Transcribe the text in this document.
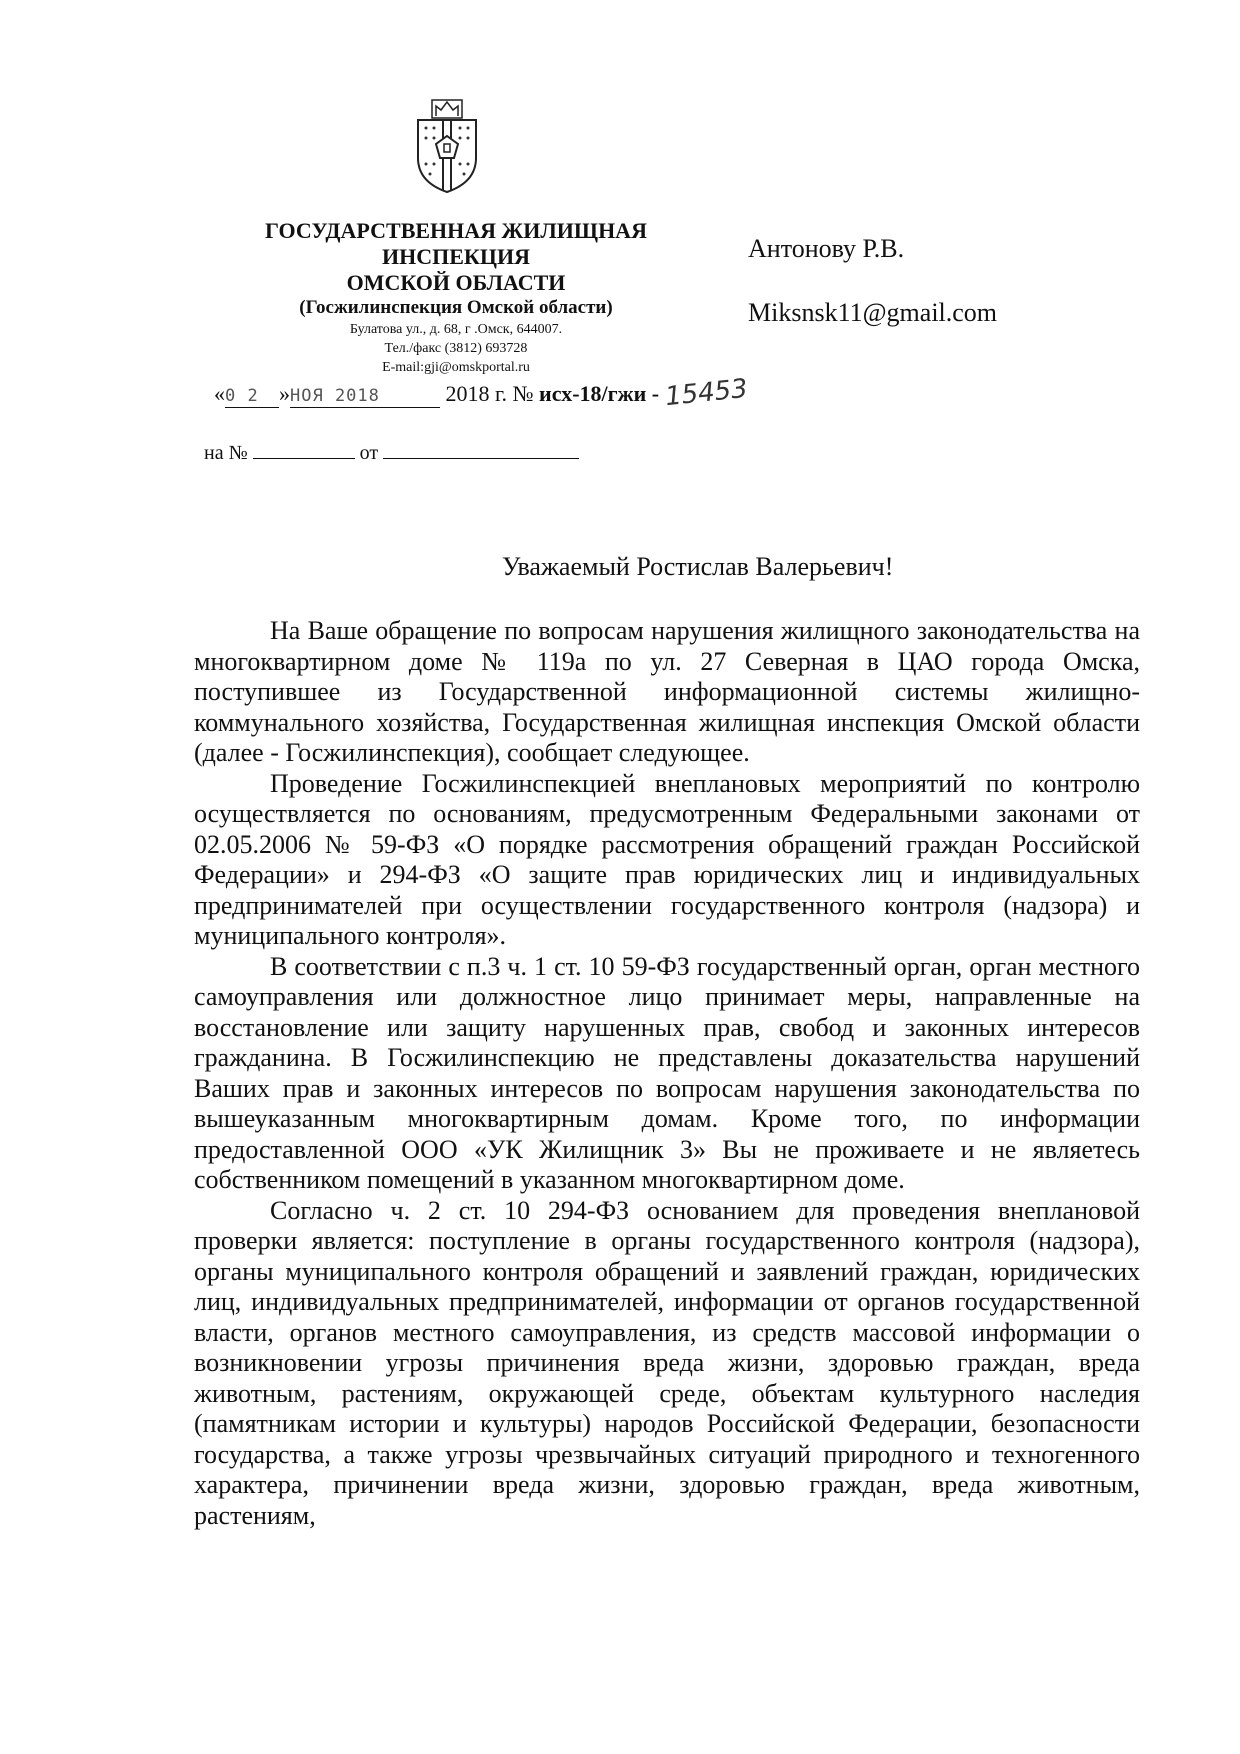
ГОСУДАРСТВЕННАЯ ЖИЛИЩНАЯ
ИНСПЕКЦИЯ
ОМСКОЙ ОБЛАСТИ
(Госжилинспекция Омской области)
Булатова ул., д. 68, г .Омск, 644007.
Тел./факс (3812) 693728
E-mail:gji@omskportal.ru
Антонову Р.В.
Miksnsk11@gmail.com
«0 2 »НОЯ 2018	2018 г. № исх-18/гжи - 15453
на №	от
Уважаемый Ростислав Валерьевич!

На Ваше обращение по вопросам нарушения жилищного законодательства на многоквартирном доме № 119а по ул. 27 Северная в ЦАО города Омска, поступившее из Государственной информационной системы жилищно-коммунального хозяйства, Государственная жилищная инспекция Омской области (далее - Госжилинспекция), сообщает следующее.

Проведение Госжилинспекцией внеплановых мероприятий по контролю осуществляется по основаниям, предусмотренным Федеральными законами от 02.05.2006 № 59-ФЗ «О порядке рассмотрения обращений граждан Российской Федерации» и 294-ФЗ «О защите прав юридических лиц и индивидуальных предпринимателей при осуществлении государственного контроля (надзора) и муниципального контроля».

В соответствии с п.3 ч. 1 ст. 10 59-ФЗ государственный орган, орган местного самоуправления или должностное лицо принимает меры, направленные на восстановление или защиту нарушенных прав, свобод и законных интересов гражданина. В Госжилинспекцию не представлены доказательства нарушений Ваших прав и законных интересов по вопросам нарушения законодательства по вышеуказанным многоквартирным домам. Кроме того, по информации предоставленной ООО «УК Жилищник 3» Вы не проживаете и не являетесь собственником помещений в указанном многоквартирном доме.

Согласно ч. 2 ст. 10 294-ФЗ основанием для проведения внеплановой проверки является: поступление в органы государственного контроля (надзора), органы муниципального контроля обращений и заявлений граждан, юридических лиц, индивидуальных предпринимателей, информации от органов государственной власти, органов местного самоуправления, из средств массовой информации о возникновении угрозы причинения вреда жизни, здоровью граждан, вреда животным, растениям, окружающей среде, объектам культурного наследия (памятникам истории и культуры) народов Российской Федерации, безопасности государства, а также угрозы чрезвычайных ситуаций природного и техногенного характера, причинении вреда жизни, здоровью граждан, вреда животным, растениям,
